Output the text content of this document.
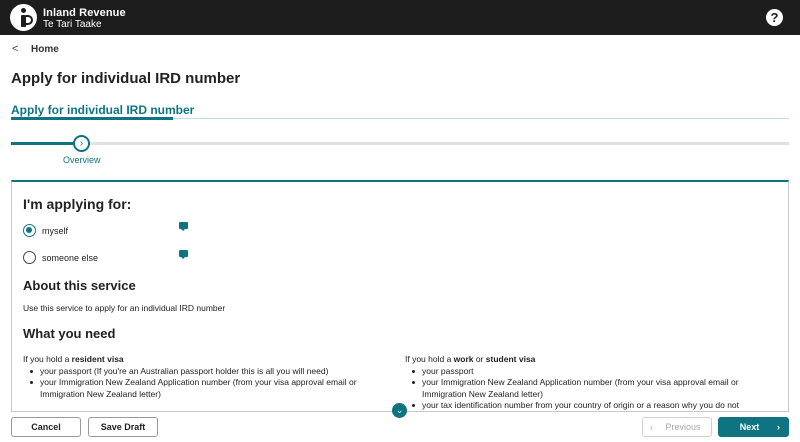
Inland Revenue
Te Tari Taake	?
< Home
Apply for individual IRD number
Apply for individual IRD number
›
Overview
I'm applying for:
myself
someone else
About this service
Use this service to apply for an individual IRD number
What you need
If you hold a resident visa
your passport (If you're an Australian passport holder this is all you will need)
your Immigration New Zealand Application number (from your visa approval email or Immigration New Zealand letter)
If you hold a work or student visa
your passport
your Immigration New Zealand Application number (from your visa approval email or Immigration New Zealand letter)
your tax identification number from your country of origin or a reason why you do not
⌄
Cancel	Save Draft	‹ Previous	Next ›
